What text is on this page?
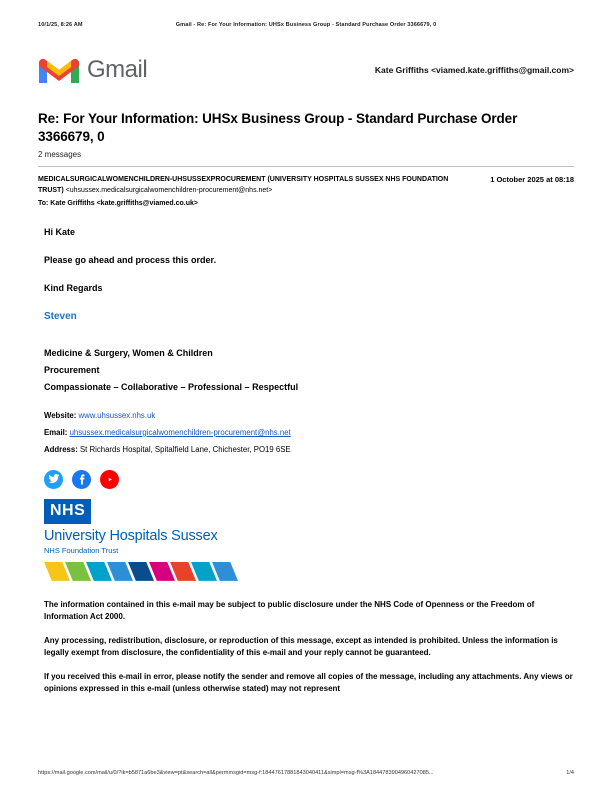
10/1/25, 8:26 AM	Gmail - Re: For Your Information: UHSx Business Group - Standard Purchase Order 3366679, 0
Gmail	Kate Griffiths <viamed.kate.griffiths@gmail.com>
Re: For Your Information: UHSx Business Group - Standard Purchase Order 3366679, 0
2 messages
MEDICALSURGICALWOMENCHILDREN-UHSUSSEXPROCUREMENT (UNIVERSITY HOSPITALS SUSSEX NHS FOUNDATION TRUST) <uhsussex.medicalsurgicalwomenchildren-procurement@nhs.net>
To: Kate Griffiths <kate.griffiths@viamed.co.uk>
1 October 2025 at 08:18

Hi Kate

Please go ahead and process this order.

Kind Regards

Steven
Medicine & Surgery, Women & Children
Procurement
Compassionate – Collaborative – Professional – Respectful
Website: www.uhsussex.nhs.uk
Email: uhsussex.medicalsurgicalwomenchildren-procurement@nhs.net
Address: St Richards Hospital, Spitalfield Lane, Chichester, PO19 6SE
NHS
University Hospitals Sussex
NHS Foundation Trust

The information contained in this e-mail may be subject to public disclosure under the NHS Code of Openness or the Freedom of Information Act 2000.

Any processing, redistribution, disclosure, or reproduction of this message, except as intended is prohibited. Unless the information is legally exempt from disclosure, the confidentiality of this e-mail and your reply cannot be guaranteed.

If you received this e-mail in error, please notify the sender and remove all copies of the message, including any attachments. Any views or opinions expressed in this e-mail (unless otherwise stated) may not represent

https://mail.google.com/mail/u/0/?ik=b5871a6be3&view=pt&search=all&permmsgid=msg-f:18447617881843040411&simpl=msg-f%3A1844783904960427085...	1/4
